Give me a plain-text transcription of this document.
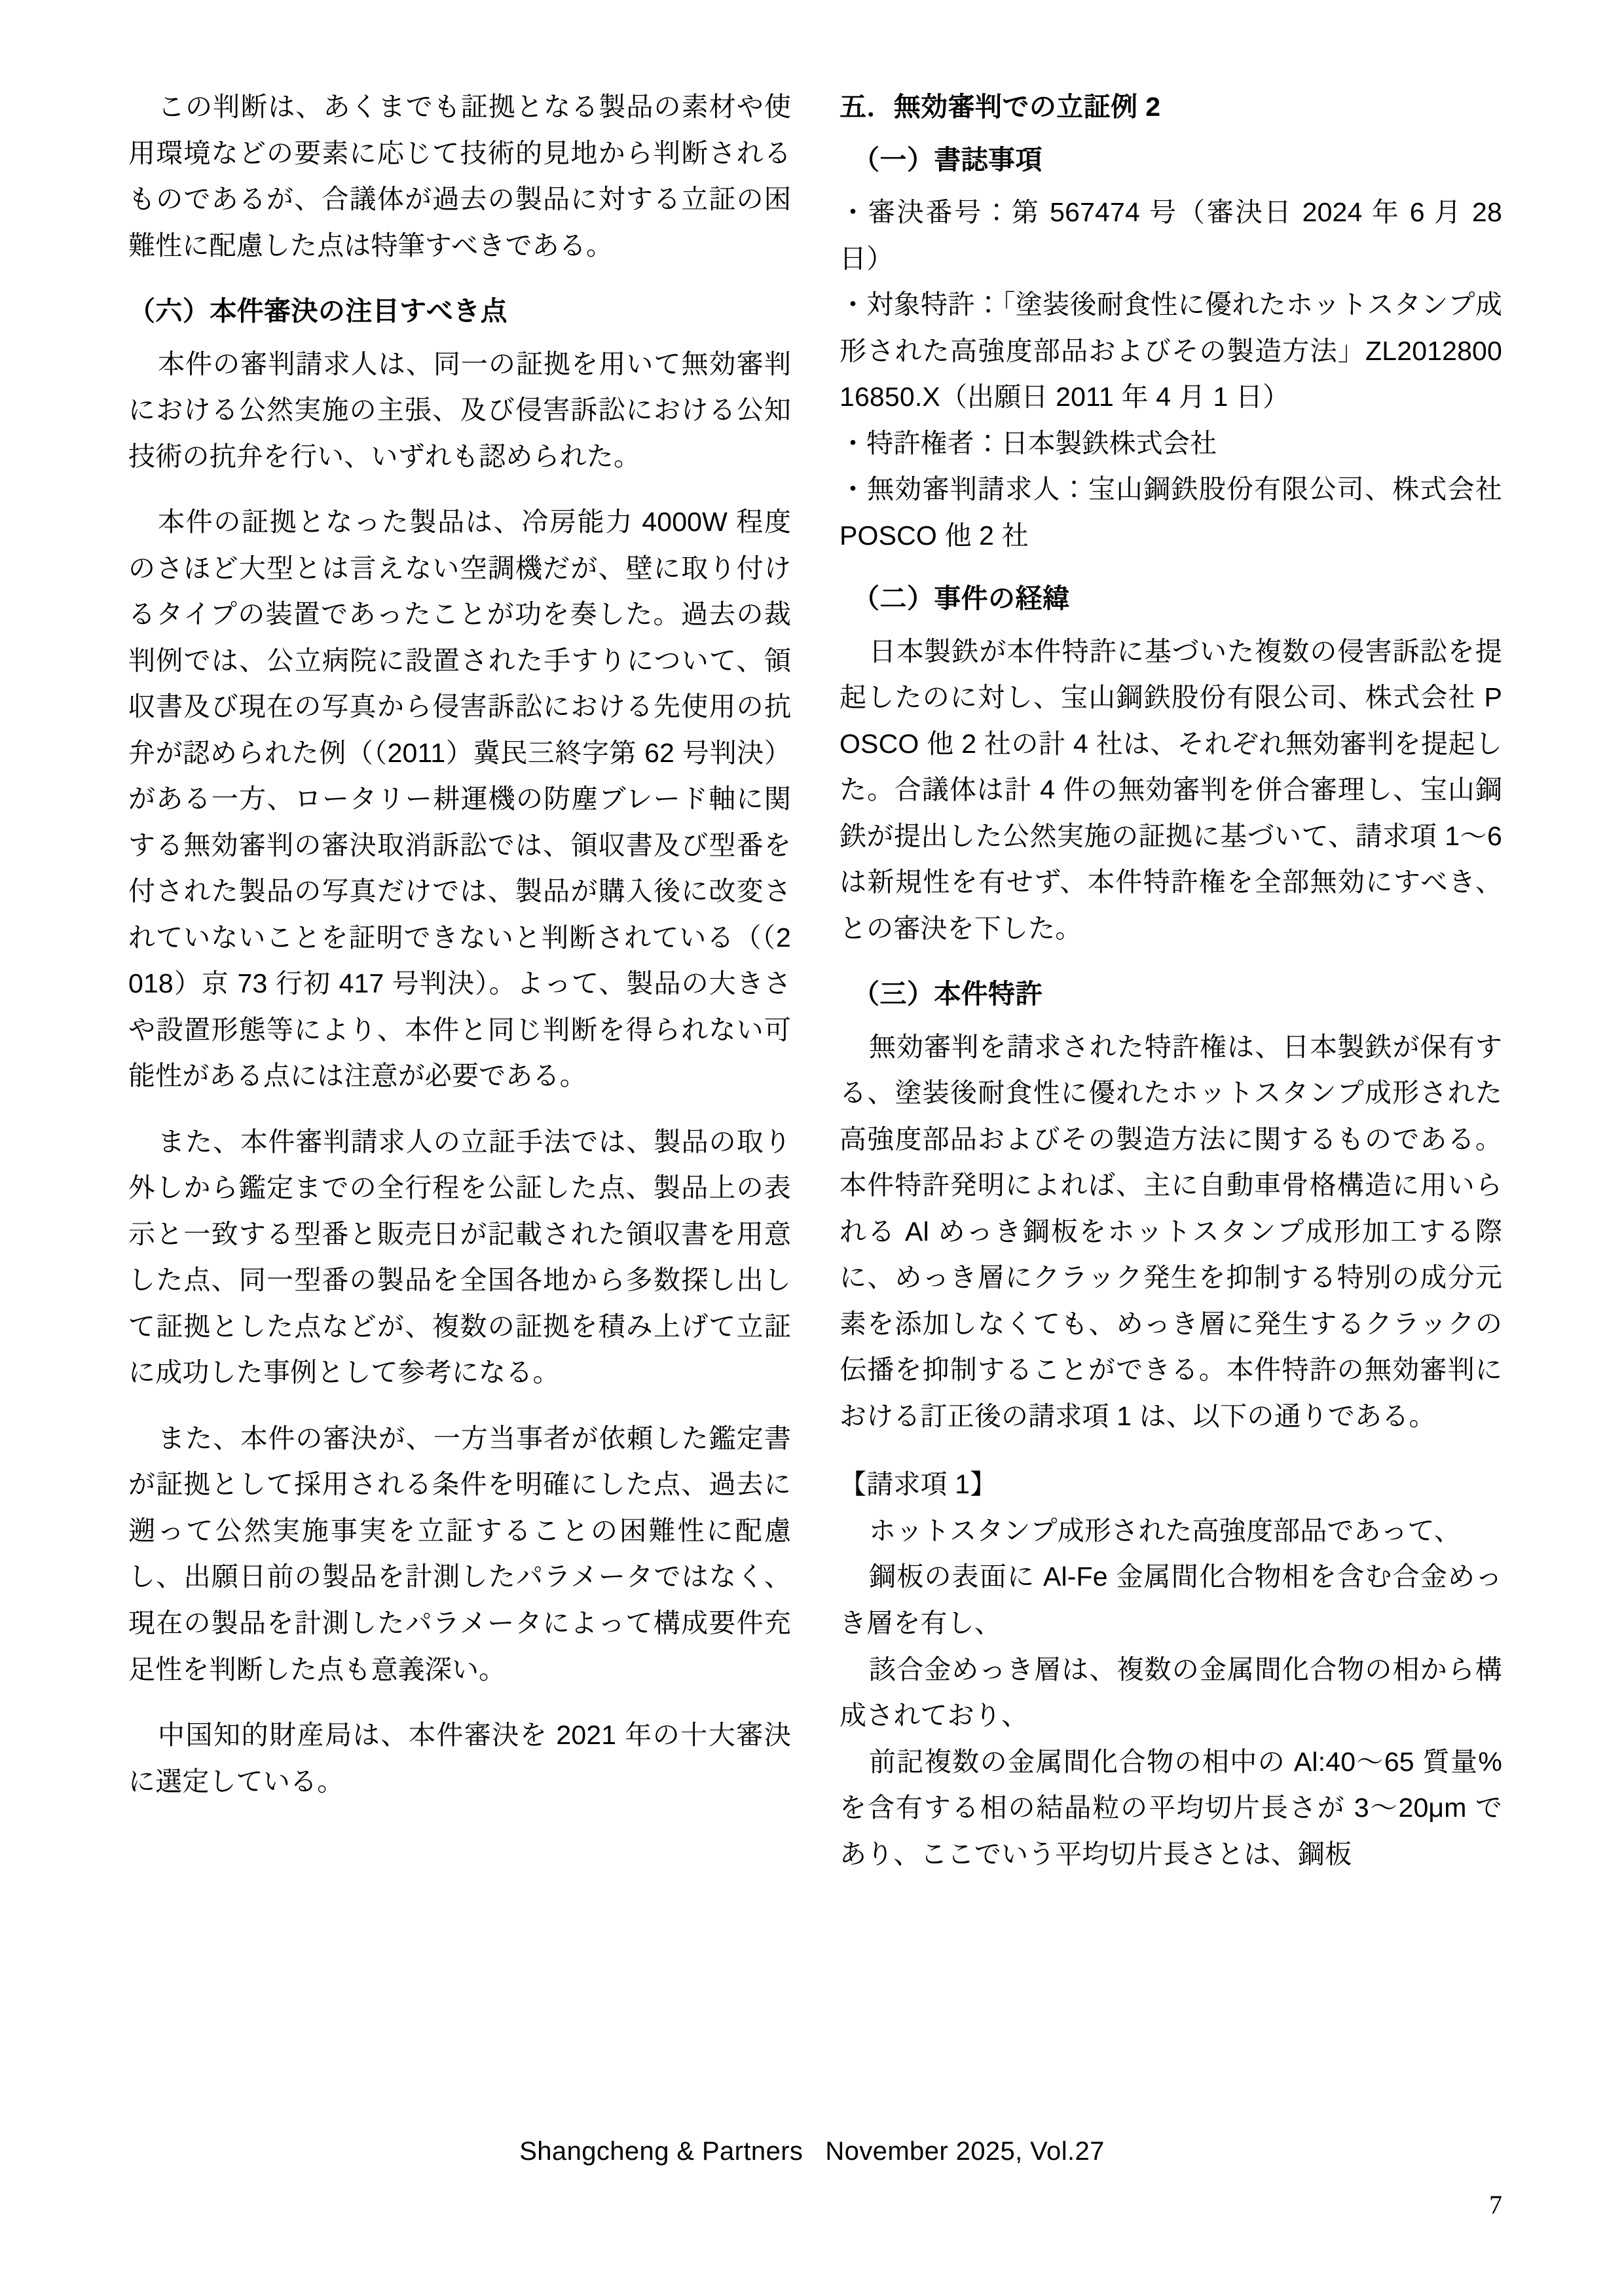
この判断は、あくまでも証拠となる製品の素材や使用環境などの要素に応じて技術的見地から判断されるものであるが、合議体が過去の製品に対する立証の困難性に配慮した点は特筆すべきである。

（六）本件審決の注目すべき点

本件の審判請求人は、同一の証拠を用いて無効審判における公然実施の主張、及び侵害訴訟における公知技術の抗弁を行い、いずれも認められた。

本件の証拠となった製品は、冷房能力 4000W 程度のさほど大型とは言えない空調機だが、壁に取り付けるタイプの装置であったことが功を奏した。過去の裁判例では、公立病院に設置された手すりについて、領収書及び現在の写真から侵害訴訟における先使用の抗弁が認められた例（（2011）冀民三終字第 62 号判決）がある一方、ロータリー耕運機の防塵ブレード軸に関する無効審判の審決取消訴訟では、領収書及び型番を付された製品の写真だけでは、製品が購入後に改変されていないことを証明できないと判断されている（（2018）京 73 行初 417 号判決）。よって、製品の大きさや設置形態等により、本件と同じ判断を得られない可能性がある点には注意が必要である。

また、本件審判請求人の立証手法では、製品の取り外しから鑑定までの全行程を公証した点、製品上の表示と一致する型番と販売日が記載された領収書を用意した点、同一型番の製品を全国各地から多数探し出して証拠とした点などが、複数の証拠を積み上げて立証に成功した事例として参考になる。

また、本件の審決が、一方当事者が依頼した鑑定書が証拠として採用される条件を明確にした点、過去に遡って公然実施事実を立証することの困難性に配慮し、出願日前の製品を計測したパラメータではなく、現在の製品を計測したパラメータによって構成要件充足性を判断した点も意義深い。

中国知的財産局は、本件審決を 2021 年の十大審決に選定している。

五．無効審判での立証例 2
（一）書誌事項

・審決番号：第 567474 号（審決日 2024 年 6 月 28 日）

・対象特許：「塗装後耐食性に優れたホットスタンプ成形された高強度部品およびその製造方法」ZL201280016850.X（出願日 2011 年 4 月 1 日）

・特許権者：日本製鉄株式会社

・無効審判請求人：宝山鋼鉄股份有限公司、株式会社 POSCO 他 2 社

（二）事件の経緯

日本製鉄が本件特許に基づいた複数の侵害訴訟を提起したのに対し、宝山鋼鉄股份有限公司、株式会社 POSCO 他 2 社の計 4 社は、それぞれ無効審判を提起した。合議体は計 4 件の無効審判を併合審理し、宝山鋼鉄が提出した公然実施の証拠に基づいて、請求項 1〜6 は新規性を有せず、本件特許権を全部無効にすべき、との審決を下した。

（三）本件特許

無効審判を請求された特許権は、日本製鉄が保有する、塗装後耐食性に優れたホットスタンプ成形された高強度部品およびその製造方法に関するものである。本件特許発明によれば、主に自動車骨格構造に用いられる Al めっき鋼板をホットスタンプ成形加工する際に、めっき層にクラック発生を抑制する特別の成分元素を添加しなくても、めっき層に発生するクラックの伝播を抑制することができる。本件特許の無効審判における訂正後の請求項 1 は、以下の通りである。

【請求項 1】

ホットスタンプ成形された高強度部品であって、

鋼板の表面に Al-Fe 金属間化合物相を含む合金めっき層を有し、

該合金めっき層は、複数の金属間化合物の相から構成されており、

前記複数の金属間化合物の相中の Al:40〜65 質量%を含有する相の結晶粒の平均切片長さが 3〜20μm であり、ここでいう平均切片長さとは、鋼板

Shangcheng & Partners November 2025, Vol.27
7
